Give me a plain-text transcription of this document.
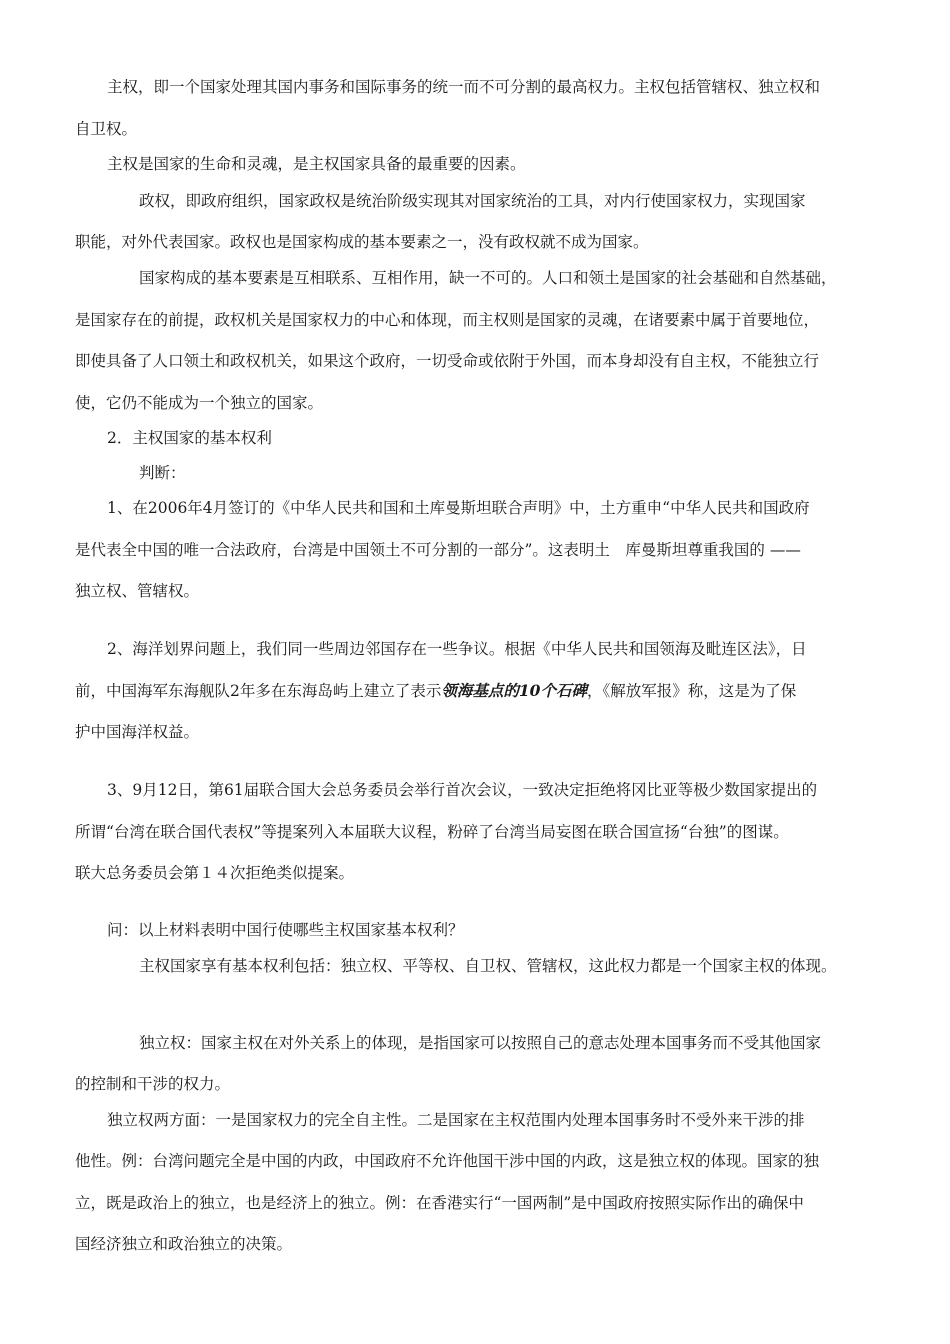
主权，即一个国家处理其国内事务和国际事务的统一而不可分割的最高权力。主权包括管辖权、独立权和
自卫权。
主权是国家的生命和灵魂，是主权国家具备的最重要的因素。
政权，即政府组织，国家政权是统治阶级实现其对国家统治的工具，对内行使国家权力，实现国家
职能，对外代表国家。政权也是国家构成的基本要素之一，没有政权就不成为国家。
国家构成的基本要素是互相联系、互相作用，缺一不可的。人口和领土是国家的社会基础和自然基础，
是国家存在的前提，政权机关是国家权力的中心和体现，而主权则是国家的灵魂，在诸要素中属于首要地位，
即使具备了人口领土和政权机关，如果这个政府，一切受命或依附于外国，而本身却没有自主权，不能独立行
使，它仍不能成为一个独立的国家。
2．主权国家的基本权利
判断：
1、在2006年4月签订的《中华人民共和国和土库曼斯坦联合声明》中，土方重申“中华人民共和国政府
是代表全中国的唯一合法政府，台湾是中国领土不可分割的一部分”。这表明土　库曼斯坦尊重我国的 ——
独立权、管辖权。
2、海洋划界问题上，我们同一些周边邻国存在一些争议。根据《中华人民共和国领海及毗连区法》，日
前，中国海军东海舰队2年多在东海岛屿上建立了表示领海基点的10个石碑，《解放军报》称，这是为了保
护中国海洋权益。
3、9月12日，第61届联合国大会总务委员会举行首次会议，一致决定拒绝将冈比亚等极少数国家提出的
所谓“台湾在联合国代表权”等提案列入本届联大议程，粉碎了台湾当局妄图在联合国宣扬“台独”的图谋。
联大总务委员会第１４次拒绝类似提案。
问：以上材料表明中国行使哪些主权国家基本权利？
主权国家享有基本权利包括：独立权、平等权、自卫权、管辖权，这此权力都是一个国家主权的体现。
独立权：国家主权在对外关系上的体现，是指国家可以按照自己的意志处理本国事务而不受其他国家
的控制和干涉的权力。
独立权两方面：一是国家权力的完全自主性。二是国家在主权范围内处理本国事务时不受外来干涉的排
他性。例：台湾问题完全是中国的内政，中国政府不允许他国干涉中国的内政，这是独立权的体现。国家的独
立，既是政治上的独立，也是经济上的独立。例：在香港实行“一国两制”是中国政府按照实际作出的确保中
国经济独立和政治独立的决策。
